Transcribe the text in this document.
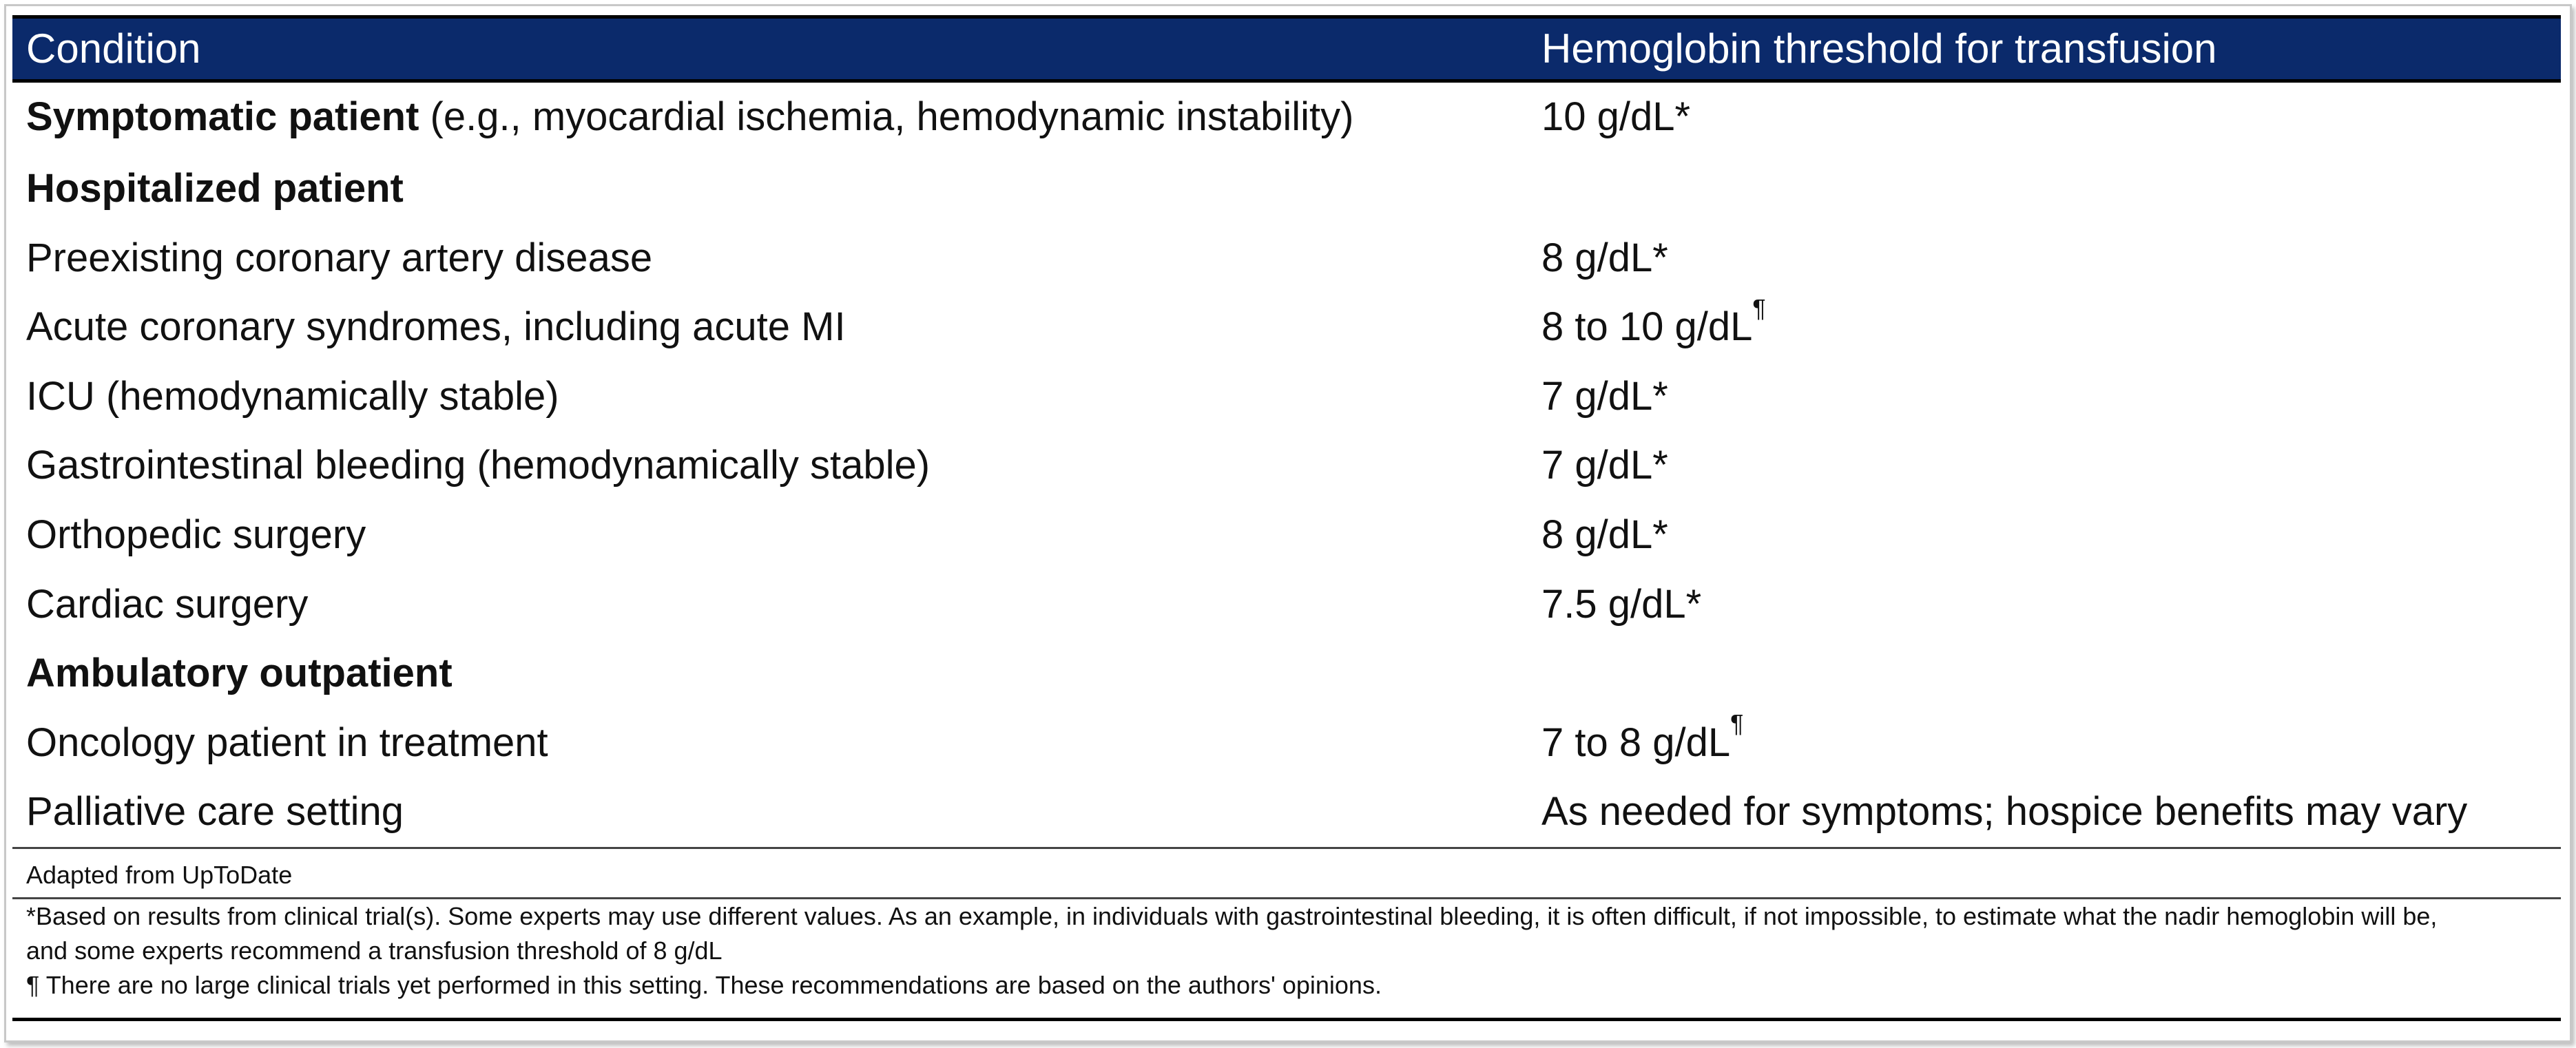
Condition	Hemoglobin threshold for transfusion
Symptomatic patient (e.g., myocardial ischemia, hemodynamic instability)	10 g/dL*
Hospitalized patient
Preexisting coronary artery disease	8 g/dL*
Acute coronary syndromes, including acute MI	8 to 10 g/dL¶
ICU (hemodynamically stable)	7 g/dL*
Gastrointestinal bleeding (hemodynamically stable)	7 g/dL*
Orthopedic surgery	8 g/dL*
Cardiac surgery	7.5 g/dL*
Ambulatory outpatient
Oncology patient in treatment	7 to 8 g/dL¶
Palliative care setting	As needed for symptoms; hospice benefits may vary
Adapted from UpToDate
*Based on results from clinical trial(s). Some experts may use different values. As an example, in individuals with gastrointestinal bleeding, it is often difficult, if not impossible, to estimate what the nadir hemoglobin will be, and some experts recommend a transfusion threshold of 8 g/dL
¶ There are no large clinical trials yet performed in this setting. These recommendations are based on the authors' opinions.
